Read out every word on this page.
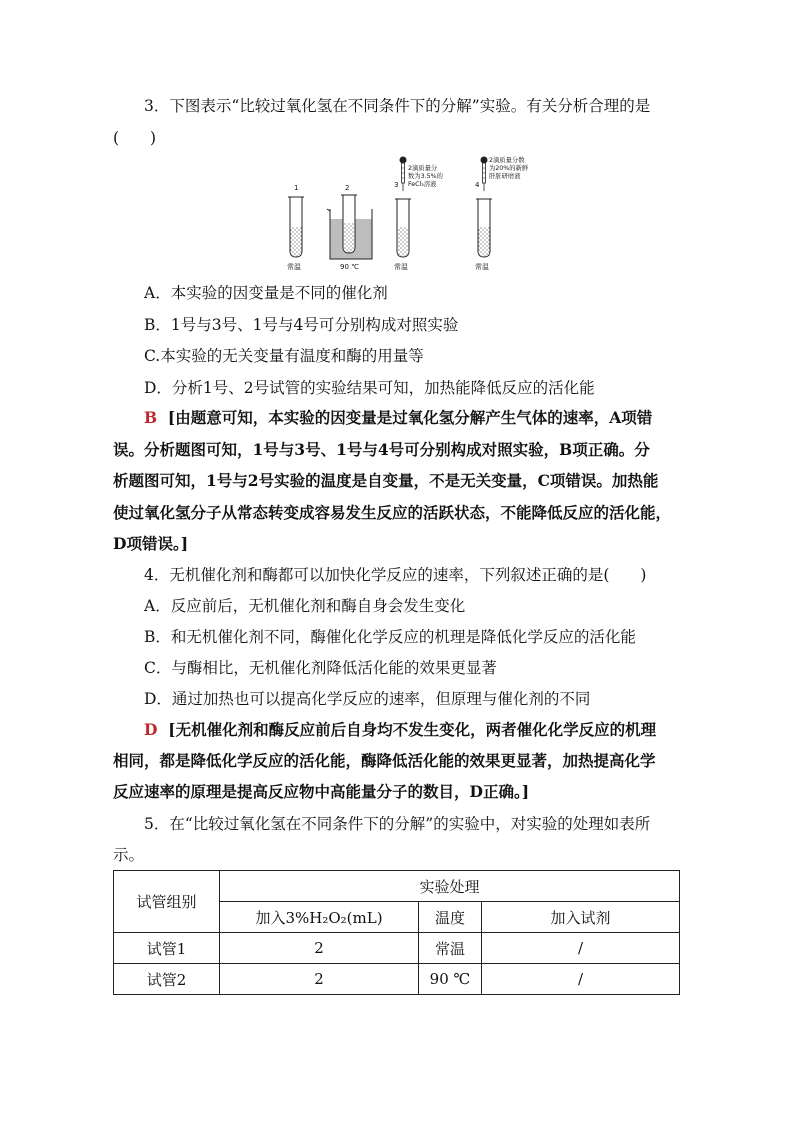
3．下图表示“比较过氧化氢在不同条件下的分解”实验。有关分析合理的是
(　　)
1
常温
2
90 ℃
3
2滴质量分 数为3.5%的 FeCl₃溶液
常温
4
2滴质量分数 为20%的新鲜 肝脏研磨液
常温
A．本实验的因变量是不同的催化剂
B．1号与3号、1号与4号可分别构成对照实验
C.本实验的无关变量有温度和酶的用量等
D．分析1号、2号试管的实验结果可知，加热能降低反应的活化能
B [由题意可知，本实验的因变量是过氧化氢分解产生气体的速率，A项错
误。分析题图可知，1号与3号、1号与4号可分别构成对照实验，B项正确。分
析题图可知，1号与2号实验的温度是自变量，不是无关变量，C项错误。加热能
使过氧化氢分子从常态转变成容易发生反应的活跃状态，不能降低反应的活化能，
D项错误。]
4．无机催化剂和酶都可以加快化学反应的速率，下列叙述正确的是(　　)
A．反应前后，无机催化剂和酶自身会发生变化
B．和无机催化剂不同，酶催化化学反应的机理是降低化学反应的活化能
C．与酶相比，无机催化剂降低活化能的效果更显著
D．通过加热也可以提高化学反应的速率，但原理与催化剂的不同
D [无机催化剂和酶反应前后自身均不发生变化，两者催化化学反应的机理
相同，都是降低化学反应的活化能，酶降低活化能的效果更显著，加热提高化学
反应速率的原理是提高反应物中高能量分子的数目，D正确。]
5．在“比较过氧化氢在不同条件下的分解”的实验中，对实验的处理如表所
示。
试管组别	实验处理		
	加入3%H₂O₂(mL)	温度	加入试剂
试管1	2	常温	/
试管2	2	90 ℃	/
